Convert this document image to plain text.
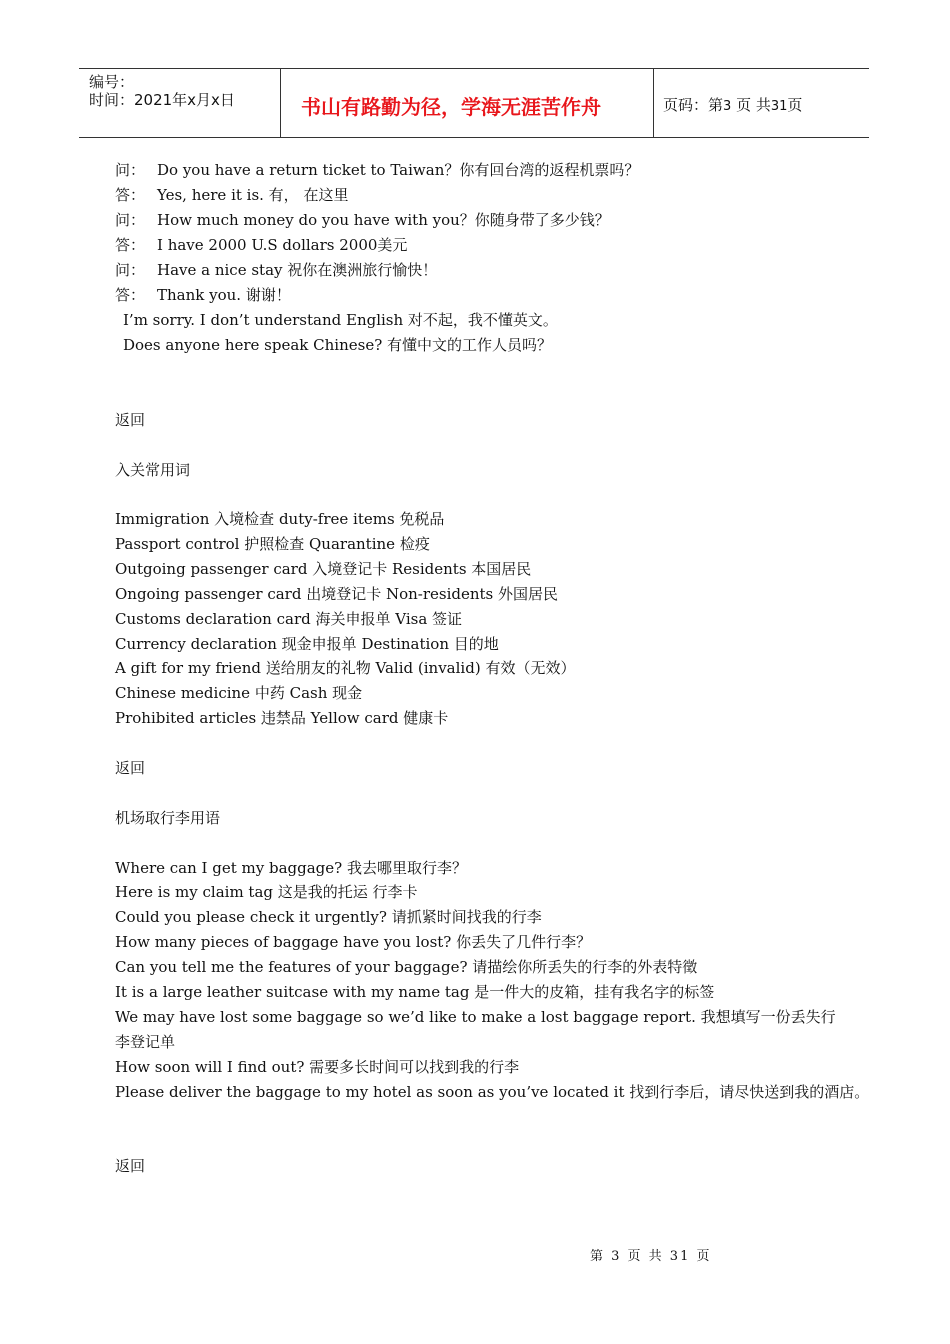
编号：
时间：2021年x月x日	书山有路勤为径，学海无涯苦作舟	页码：第3 页 共31页
问： Do you have a return ticket to Taiwan？你有回台湾的返程机票吗？
答： Yes, here it is. 有， 在这里
问： How much money do you have with you？你随身带了多少钱？
答： I have 2000 U.S dollars 2000美元
问： Have a nice stay 祝你在澳洲旅行愉快！
答： Thank you. 谢谢！
I’m sorry. I don’t understand English 对不起，我不懂英文。
Does anyone here speak Chinese? 有懂中文的工作人员吗？
返回
入关常用词
Immigration 入境检查 duty-free items 免税品
Passport control 护照检查 Quarantine 检疫
Outgoing passenger card 入境登记卡 Residents 本国居民
Ongoing passenger card 出境登记卡 Non-residents 外国居民
Customs declaration card 海关申报单 Visa 签证
Currency declaration 现金申报单 Destination 目的地
A gift for my friend 送给朋友的礼物 Valid (invalid) 有效（无效）
Chinese medicine 中药 Cash 现金
Prohibited articles 违禁品 Yellow card 健康卡
返回
机场取行李用语
Where can I get my baggage? 我去哪里取行李？
Here is my claim tag 这是我的托运 行李卡
Could you please check it urgently? 请抓紧时间找我的行李
How many pieces of baggage have you lost? 你丢失了几件行李？
Can you tell me the features of your baggage? 请描绘你所丢失的行李的外表特徵
It is a large leather suitcase with my name tag 是一件大的皮箱，挂有我名字的标签
We may have lost some baggage so we’d like to make a lost baggage report. 我想填写一份丢失行李登记单
How soon will I find out? 需要多长时间可以找到我的行李
Please deliver the baggage to my hotel as soon as you’ve located it 找到行李后，请尽快送到我的酒店。
返回
第 3 页 共 31 页
